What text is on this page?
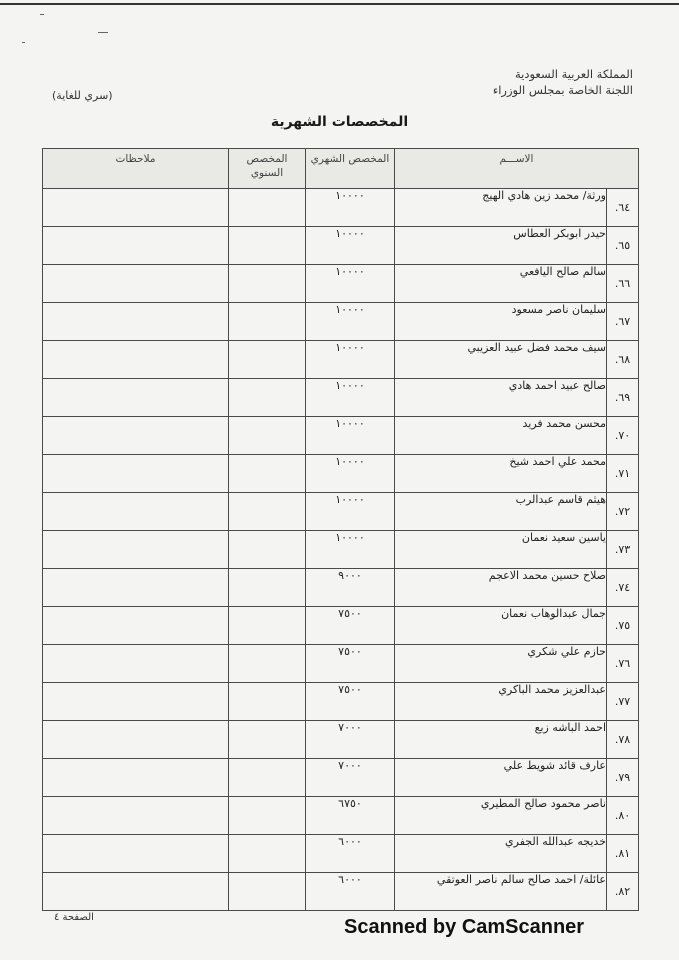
المملكة العربية السعودية
اللجنة الخاصة بمجلس الوزراء
(سري للغاية)
المخصصات الشهرية
الاســـم		المخصص الشهري	المخصص السنوي	ملاحظات
٦٤.	ورثة/ محمد زين هادي الهيج	١٠٠٠٠		
٦٥.	حيدر ابوبكر العطاس	١٠٠٠٠		
٦٦.	سالم صالح اليافعي	١٠٠٠٠		
٦٧.	سليمان ناصر مسعود	١٠٠٠٠		
٦٨.	سيف محمد فضل عبيد العزيبي	١٠٠٠٠		
٦٩.	صالح عبيد احمد هادي	١٠٠٠٠		
٧٠.	محسن محمد فريد	١٠٠٠٠		
٧١.	محمد علي احمد شيخ	١٠٠٠٠		
٧٢.	هيثم قاسم عبدالرب	١٠٠٠٠		
٧٣.	ياسين سعيد نعمان	١٠٠٠٠		
٧٤.	صلاح حسين محمد الاعجم	٩٠٠٠		
٧٥.	جمال عبدالوهاب نعمان	٧٥٠٠		
٧٦.	حازم علي شكري	٧٥٠٠		
٧٧.	عبدالعزيز محمد الباكري	٧٥٠٠		
٧٨.	احمد الباشه زبع	٧٠٠٠		
٧٩.	عارف قائد شويط علي	٧٠٠٠		
٨٠.	ناصر محمود صالح المطيري	٦٧٥٠		
٨١.	خديجه عبدالله الجفري	٦٠٠٠		
٨٢.	عائلة/ احمد صالح سالم ناصر العوتقي	٦٠٠٠		
الصفحة ٤	Scanned by CamScanner
